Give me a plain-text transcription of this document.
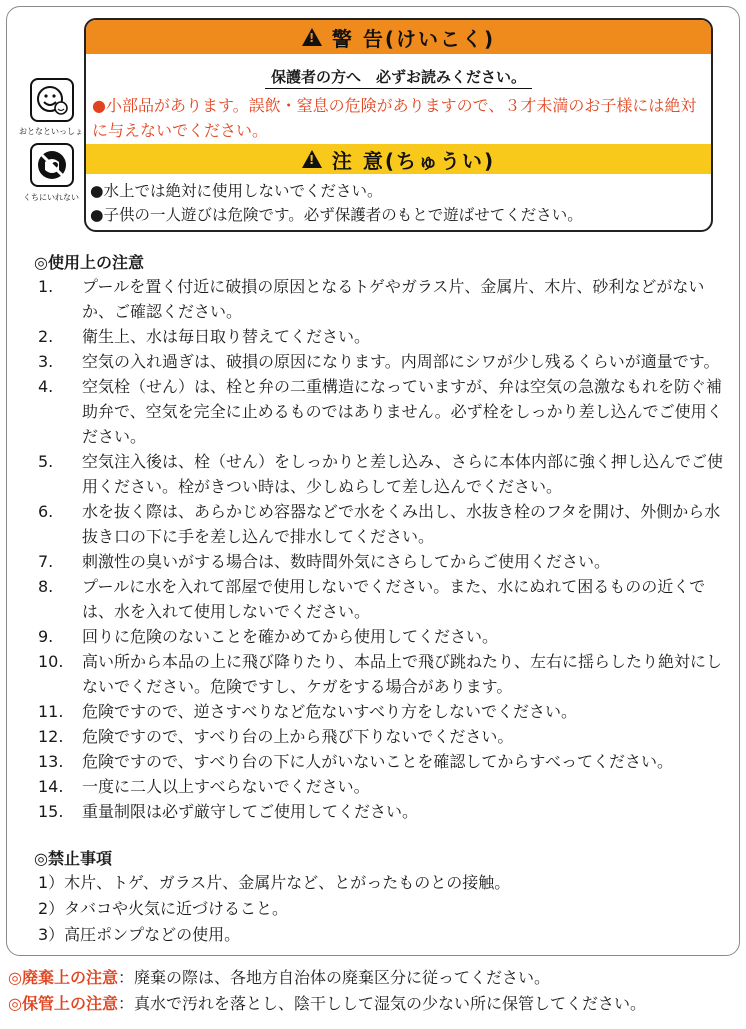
おとなといっしょ
くちにいれない
!
警 告(けいこく)
保護者の方へ　必ずお読みください。
●小部品があります。誤飲・窒息の危険がありますので、３才未満のお子様には絶対に与えないでください。
!
注 意(ちゅうい)
●水上では絶対に使用しないでください。
●子供の一人遊びは危険です。必ず保護者のもとで遊ばせてください。
◎使用上の注意
1.	プールを置く付近に破損の原因となるトゲやガラス片、金属片、木片、砂利などがないか、ご確認ください。
2.	衛生上、水は毎日取り替えてください。
3.	空気の入れ過ぎは、破損の原因になります。内周部にシワが少し残るくらいが適量です。
4.	空気栓（せん）は、栓と弁の二重構造になっていますが、弁は空気の急激なもれを防ぐ補助弁で、空気を完全に止めるものではありません。必ず栓をしっかり差し込んでご使用ください。
5.	空気注入後は、栓（せん）をしっかりと差し込み、さらに本体内部に強く押し込んでご使用ください。栓がきつい時は、少しぬらして差し込んでください。
6.	水を抜く際は、あらかじめ容器などで水をくみ出し、水抜き栓のフタを開け、外側から水抜き口の下に手を差し込んで排水してください。
7.	刺激性の臭いがする場合は、数時間外気にさらしてからご使用ください。
8.	プールに水を入れて部屋で使用しないでください。また、水にぬれて困るものの近くでは、水を入れて使用しないでください。
9.	回りに危険のないことを確かめてから使用してください。
10.	高い所から本品の上に飛び降りたり、本品上で飛び跳ねたり、左右に揺らしたり絶対にしないでください。危険ですし、ケガをする場合があります。
11.	危険ですので、逆さすべりなど危ないすべり方をしないでください。
12.	危険ですので、すべり台の上から飛び下りないでください。
13.	危険ですので、すべり台の下に人がいないことを確認してからすべってください。
14.	一度に二人以上すべらないでください。
15.	重量制限は必ず厳守してご使用してください。
◎禁止事項
1）木片、トゲ、ガラス片、金属片など、とがったものとの接触。
2）タバコや火気に近づけること。
3）高圧ポンプなどの使用。
◎廃棄上の注意：廃棄の際は、各地方自治体の廃棄区分に従ってください。
◎保管上の注意：真水で汚れを落とし、陰干しして湿気の少ない所に保管してください。
